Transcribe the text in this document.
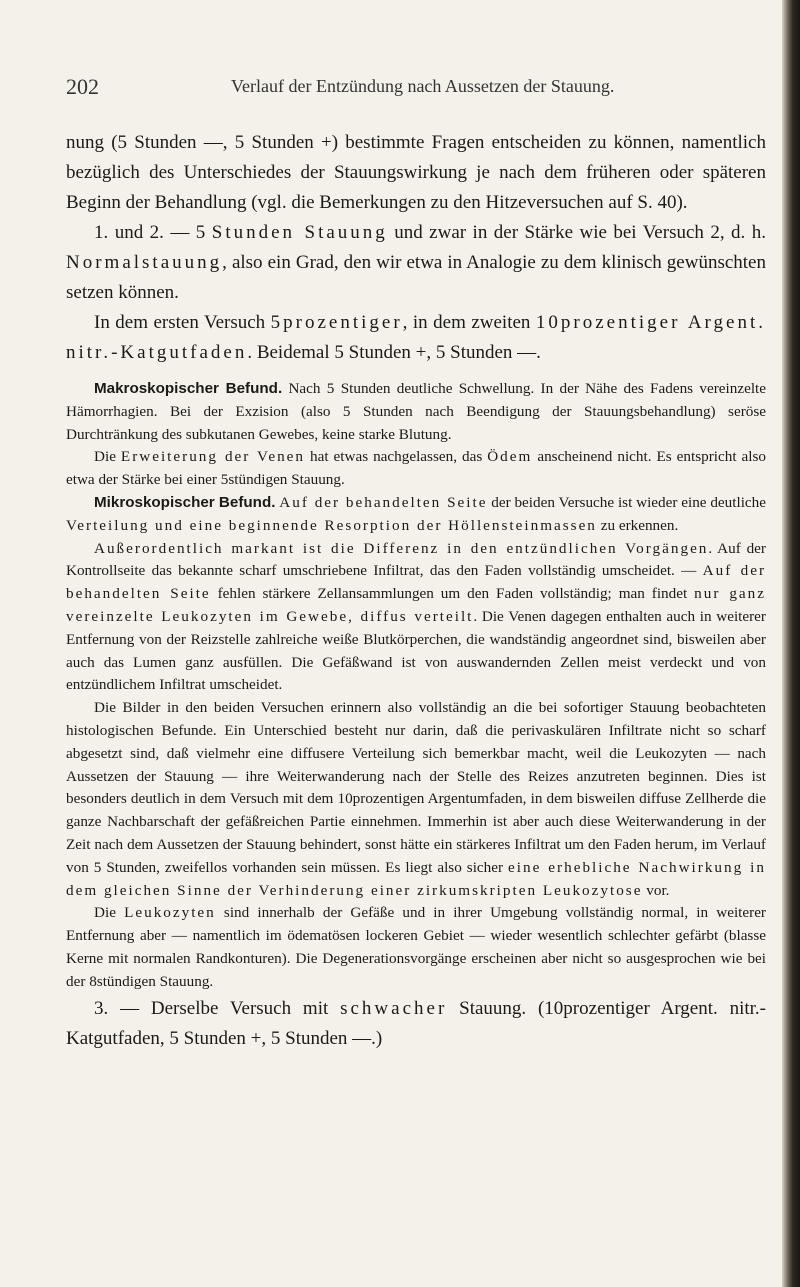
202	Verlauf der Entzündung nach Aussetzen der Stauung.

nung (5 Stunden —, 5 Stunden +) bestimmte Fragen entscheiden zu können, namentlich bezüglich des Unterschiedes der Stauungswirkung je nach dem früheren oder späteren Beginn der Behandlung (vgl. die Bemerkungen zu den Hitzeversuchen auf S. 40).

1. und 2. — 5 Stunden Stauung und zwar in der Stärke wie bei Versuch 2, d. h. Normalstauung, also ein Grad, den wir etwa in Analogie zu dem klinisch gewünschten setzen können.

In dem ersten Versuch 5prozentiger, in dem zweiten 10prozentiger Argent. nitr.-Katgutfaden. Beidemal 5 Stunden +, 5 Stunden —.

Makroskopischer Befund. Nach 5 Stunden deutliche Schwellung. In der Nähe des Fadens vereinzelte Hämorrhagien. Bei der Exzision (also 5 Stunden nach Beendigung der Stauungsbehandlung) seröse Durchtränkung des subkutanen Gewebes, keine starke Blutung.

Die Erweiterung der Venen hat etwas nachgelassen, das Ödem anscheinend nicht. Es entspricht also etwa der Stärke bei einer 5stündigen Stauung.

Mikroskopischer Befund. Auf der behandelten Seite der beiden Versuche ist wieder eine deutliche Verteilung und eine beginnende Resorption der Höllensteinmassen zu erkennen.

Außerordentlich markant ist die Differenz in den entzündlichen Vorgängen. Auf der Kontrollseite das bekannte scharf umschriebene Infiltrat, das den Faden vollständig umscheidet. — Auf der behandelten Seite fehlen stärkere Zellansammlungen um den Faden vollständig; man findet nur ganz vereinzelte Leukozyten im Gewebe, diffus verteilt. Die Venen dagegen enthalten auch in weiterer Entfernung von der Reizstelle zahlreiche weiße Blutkörperchen, die wandständig angeordnet sind, bisweilen aber auch das Lumen ganz ausfüllen. Die Gefäßwand ist von auswandernden Zellen meist verdeckt und von entzündlichem Infiltrat umscheidet.

Die Bilder in den beiden Versuchen erinnern also vollständig an die bei sofortiger Stauung beobachteten histologischen Befunde. Ein Unterschied besteht nur darin, daß die perivaskulären Infiltrate nicht so scharf abgesetzt sind, daß vielmehr eine diffusere Verteilung sich bemerkbar macht, weil die Leukozyten — nach Aussetzen der Stauung — ihre Weiterwanderung nach der Stelle des Reizes anzutreten beginnen. Dies ist besonders deutlich in dem Versuch mit dem 10prozentigen Argentumfaden, in dem bisweilen diffuse Zellherde die ganze Nachbarschaft der gefäßreichen Partie einnehmen. Immerhin ist aber auch diese Weiterwanderung in der Zeit nach dem Aussetzen der Stauung behindert, sonst hätte ein stärkeres Infiltrat um den Faden herum, im Verlauf von 5 Stunden, zweifellos vorhanden sein müssen. Es liegt also sicher eine erhebliche Nachwirkung in dem gleichen Sinne der Verhinderung einer zirkumskripten Leukozytose vor.

Die Leukozyten sind innerhalb der Gefäße und in ihrer Umgebung vollständig normal, in weiterer Entfernung aber — namentlich im ödematösen lockeren Gebiet — wieder wesentlich schlechter gefärbt (blasse Kerne mit normalen Randkonturen). Die Degenerationsvorgänge erscheinen aber nicht so ausgesprochen wie bei der 8stündigen Stauung.

3. — Derselbe Versuch mit schwacher Stauung. (10prozentiger Argent. nitr.-Katgutfaden, 5 Stunden +, 5 Stunden —.)
